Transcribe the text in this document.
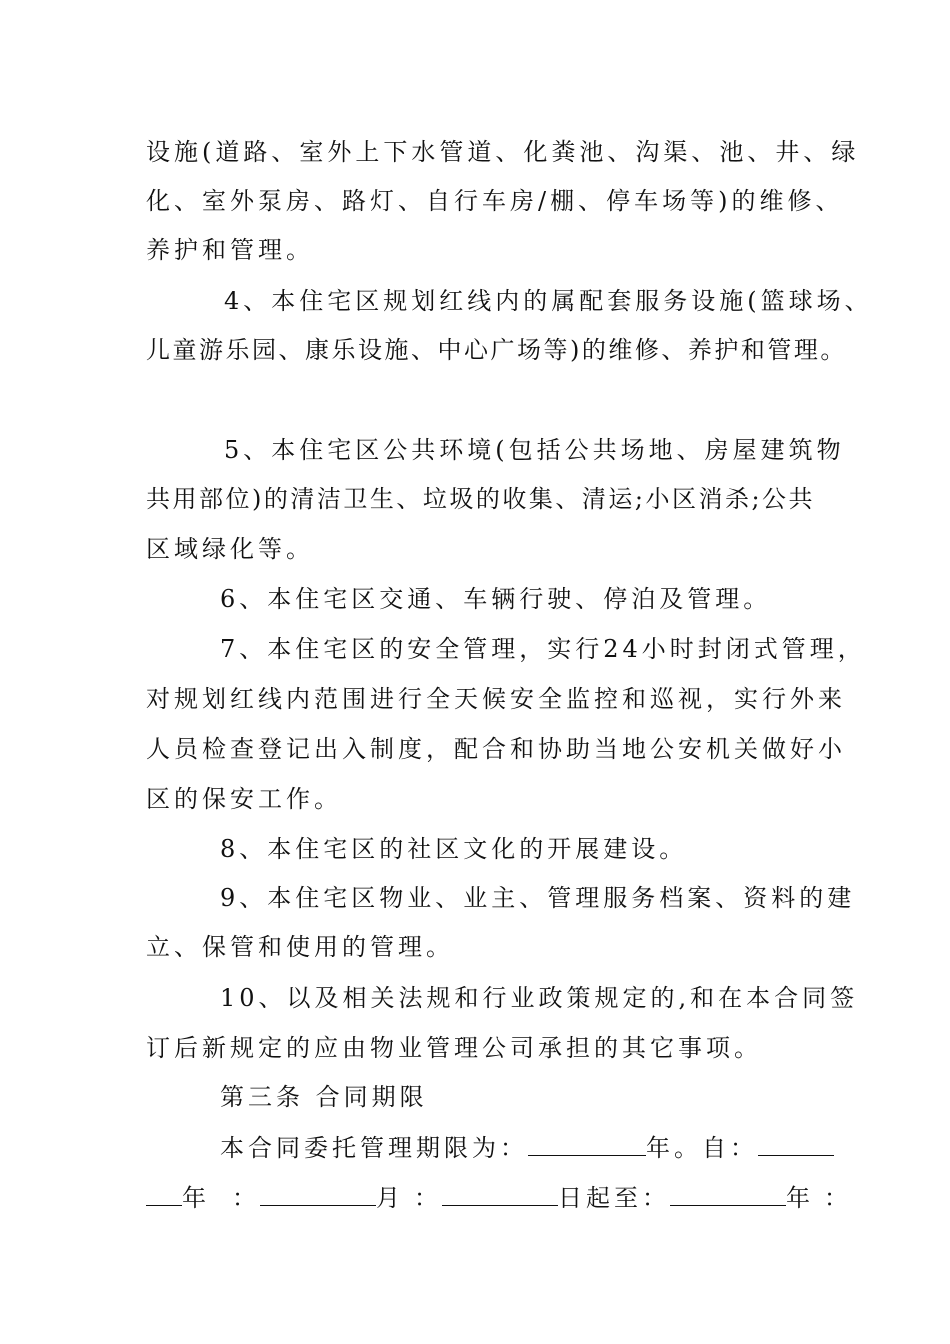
设施(道路、室外上下水管道、化粪池、沟渠、池、井、绿
化、室外泵房、路灯、自行车房/棚、停车场等)的维修、
养护和管理。
4、本住宅区规划红线内的属配套服务设施(篮球场、
儿童游乐园、康乐设施、中心广场等)的维修、养护和管理。
5、本住宅区公共环境(包括公共场地、房屋建筑物
共用部位)的清洁卫生、垃圾的收集、清运;小区消杀;公共
区域绿化等。
6、本住宅区交通、车辆行驶、停泊及管理。
7、本住宅区的安全管理，实行24小时封闭式管理，
对规划红线内范围进行全天候安全监控和巡视，实行外来
人员检查登记出入制度，配合和协助当地公安机关做好小
区的保安工作。
8、本住宅区的社区文化的开展建设。
9、本住宅区物业、业主、管理服务档案、资料的建
立、保管和使用的管理。
10、以及相关法规和行业政策规定的,和在本合同签
订后新规定的应由物业管理公司承担的其它事项。
第三条 合同期限
本合同委托管理期限为：	年。自：
年 ：	月 ：	日起至：	年 ：
